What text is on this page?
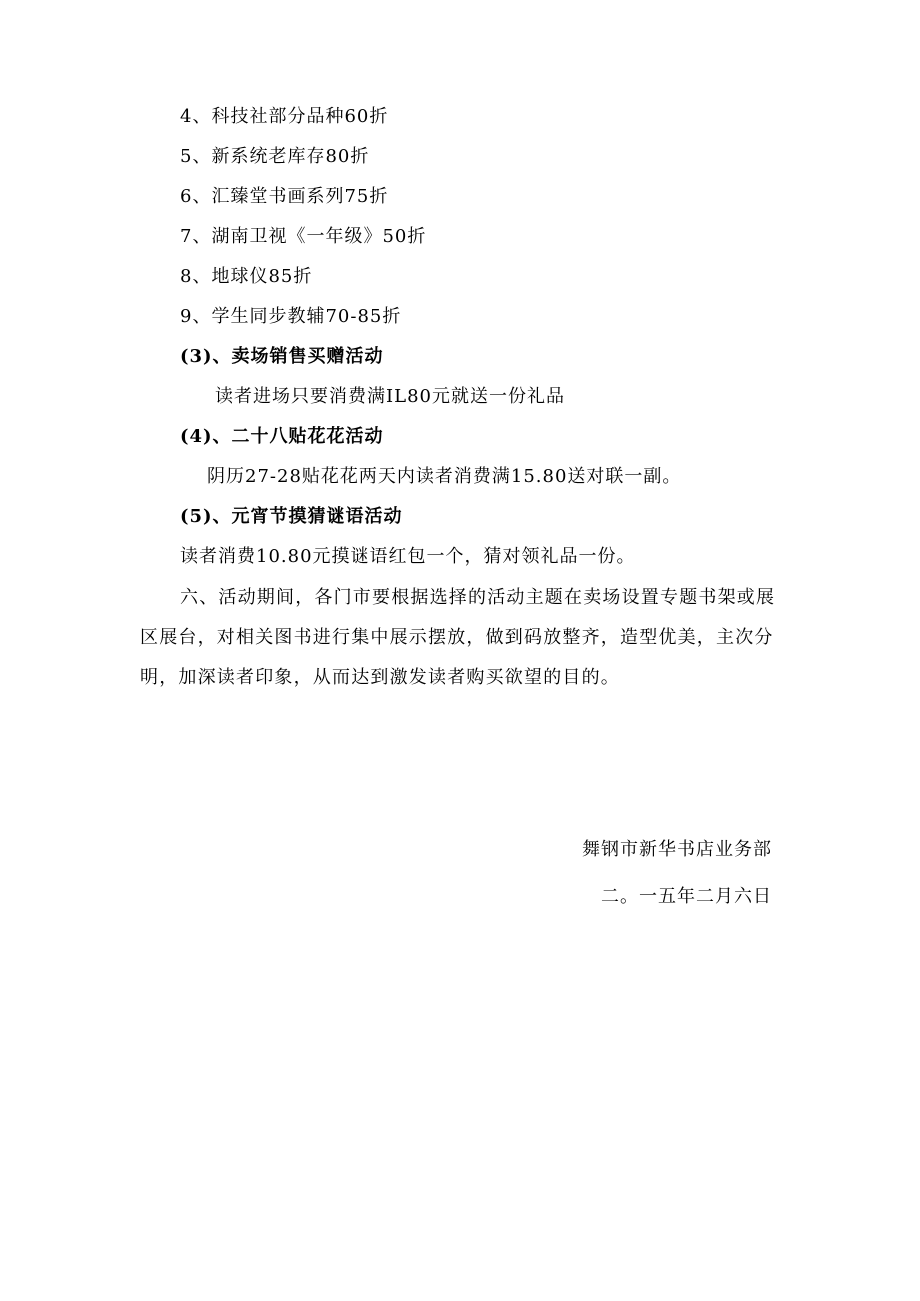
4、科技社部分品种60折
5、新系统老库存80折
6、汇臻堂书画系列75折
7、湖南卫视《一年级》50折
8、地球仪85折
9、学生同步教辅70-85折
(3)、卖场销售买赠活动
读者进场只要消费满IL80元就送一份礼品
(4)、二十八贴花花活动
阴历27-28贴花花两天内读者消费满15.80送对联一副。
(5)、元宵节摸猜谜语活动
读者消费10.80元摸谜语红包一个，猜对领礼品一份。
六、活动期间，各门市要根据选择的活动主题在卖场设置专题书架或展区展台，对相关图书进行集中展示摆放，做到码放整齐，造型优美，主次分明，加深读者印象，从而达到激发读者购买欲望的目的。
舞钢市新华书店业务部
二。一五年二月六日
